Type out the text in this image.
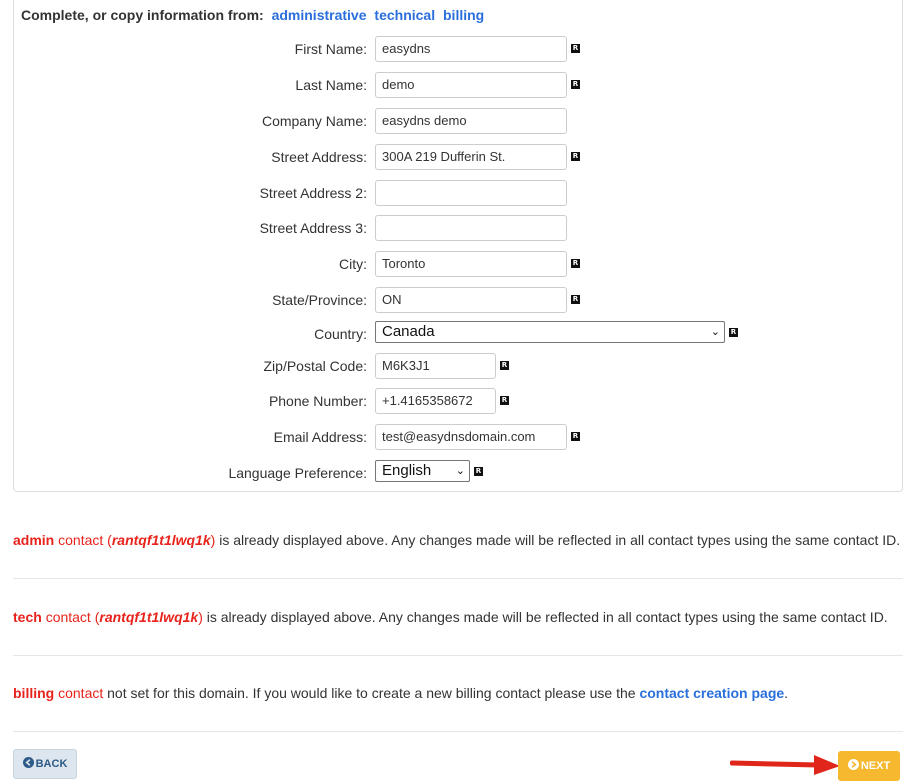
Complete, or copy information from: administrative technical billing
First Name:	easydns	R
Last Name:	demo	R
Company Name:	easydns demo
Street Address:	300A 219 Dufferin St.	R
Street Address 2:
Street Address 3:
City:	Toronto	R
State/Province:	ON	R
Country:	Canada	⌄ R
Zip/Postal Code:	M6K3J1	R
Phone Number:	+1.4165358672	R
Email Address:	test@easydnsdomain.com	R
Language Preference:	English ⌄ R
admin contact (rantqf1t1lwq1k) is already displayed above. Any changes made will be reflected in all contact types using the same contact ID.
tech contact (rantqf1t1lwq1k) is already displayed above. Any changes made will be reflected in all contact types using the same contact ID.
billing contact not set for this domain. If you would like to create a new billing contact please use the contact creation page.
BACK	NEXT
